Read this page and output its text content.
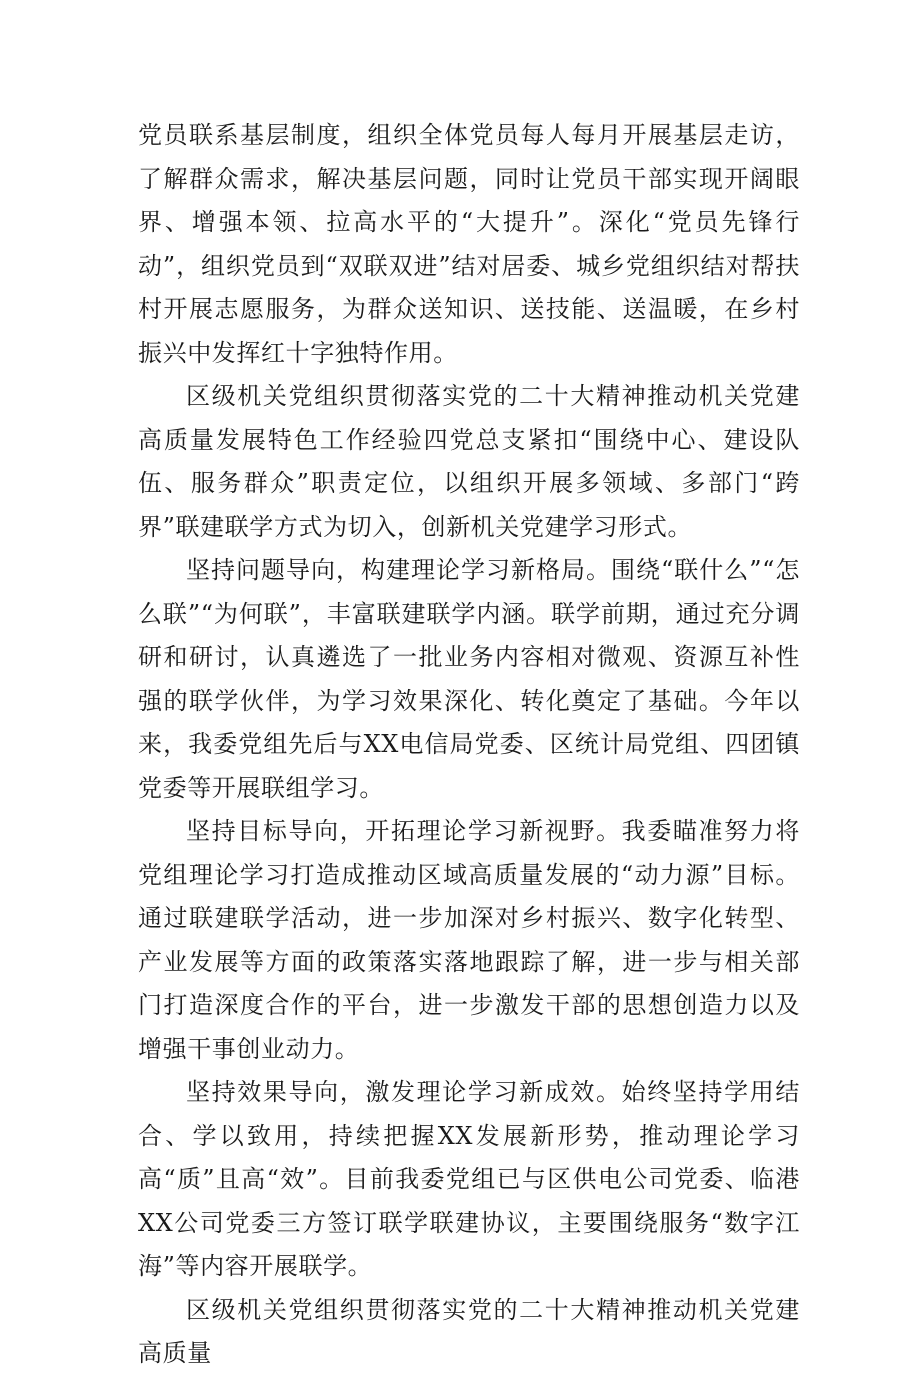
党员联系基层制度，组织全体党员每人每月开展基层走访，了解群众需求，解决基层问题，同时让党员干部实现开阔眼界、增强本领、拉高水平的“大提升”。深化“党员先锋行动”，组织党员到“双联双进”结对居委、城乡党组织结对帮扶村开展志愿服务，为群众送知识、送技能、送温暖，在乡村振兴中发挥红十字独特作用。

区级机关党组织贯彻落实党的二十大精神推动机关党建高质量发展特色工作经验四党总支紧扣“围绕中心、建设队伍、服务群众”职责定位，以组织开展多领域、多部门“跨界”联建联学方式为切入，创新机关党建学习形式。

坚持问题导向，构建理论学习新格局。围绕“联什么”“怎么联”“为何联”，丰富联建联学内涵。联学前期，通过充分调研和研讨，认真遴选了一批业务内容相对微观、资源互补性强的联学伙伴，为学习效果深化、转化奠定了基础。今年以来，我委党组先后与XX电信局党委、区统计局党组、四团镇党委等开展联组学习。

坚持目标导向，开拓理论学习新视野。我委瞄准努力将党组理论学习打造成推动区域高质量发展的“动力源”目标。通过联建联学活动，进一步加深对乡村振兴、数字化转型、产业发展等方面的政策落实落地跟踪了解，进一步与相关部门打造深度合作的平台，进一步激发干部的思想创造力以及增强干事创业动力。

坚持效果导向，激发理论学习新成效。始终坚持学用结合、学以致用，持续把握XX发展新形势，推动理论学习高“质”且高“效”。目前我委党组已与区供电公司党委、临港XX公司党委三方签订联学联建协议，主要围绕服务“数字江海”等内容开展联学。

区级机关党组织贯彻落实党的二十大精神推动机关党建高质量
